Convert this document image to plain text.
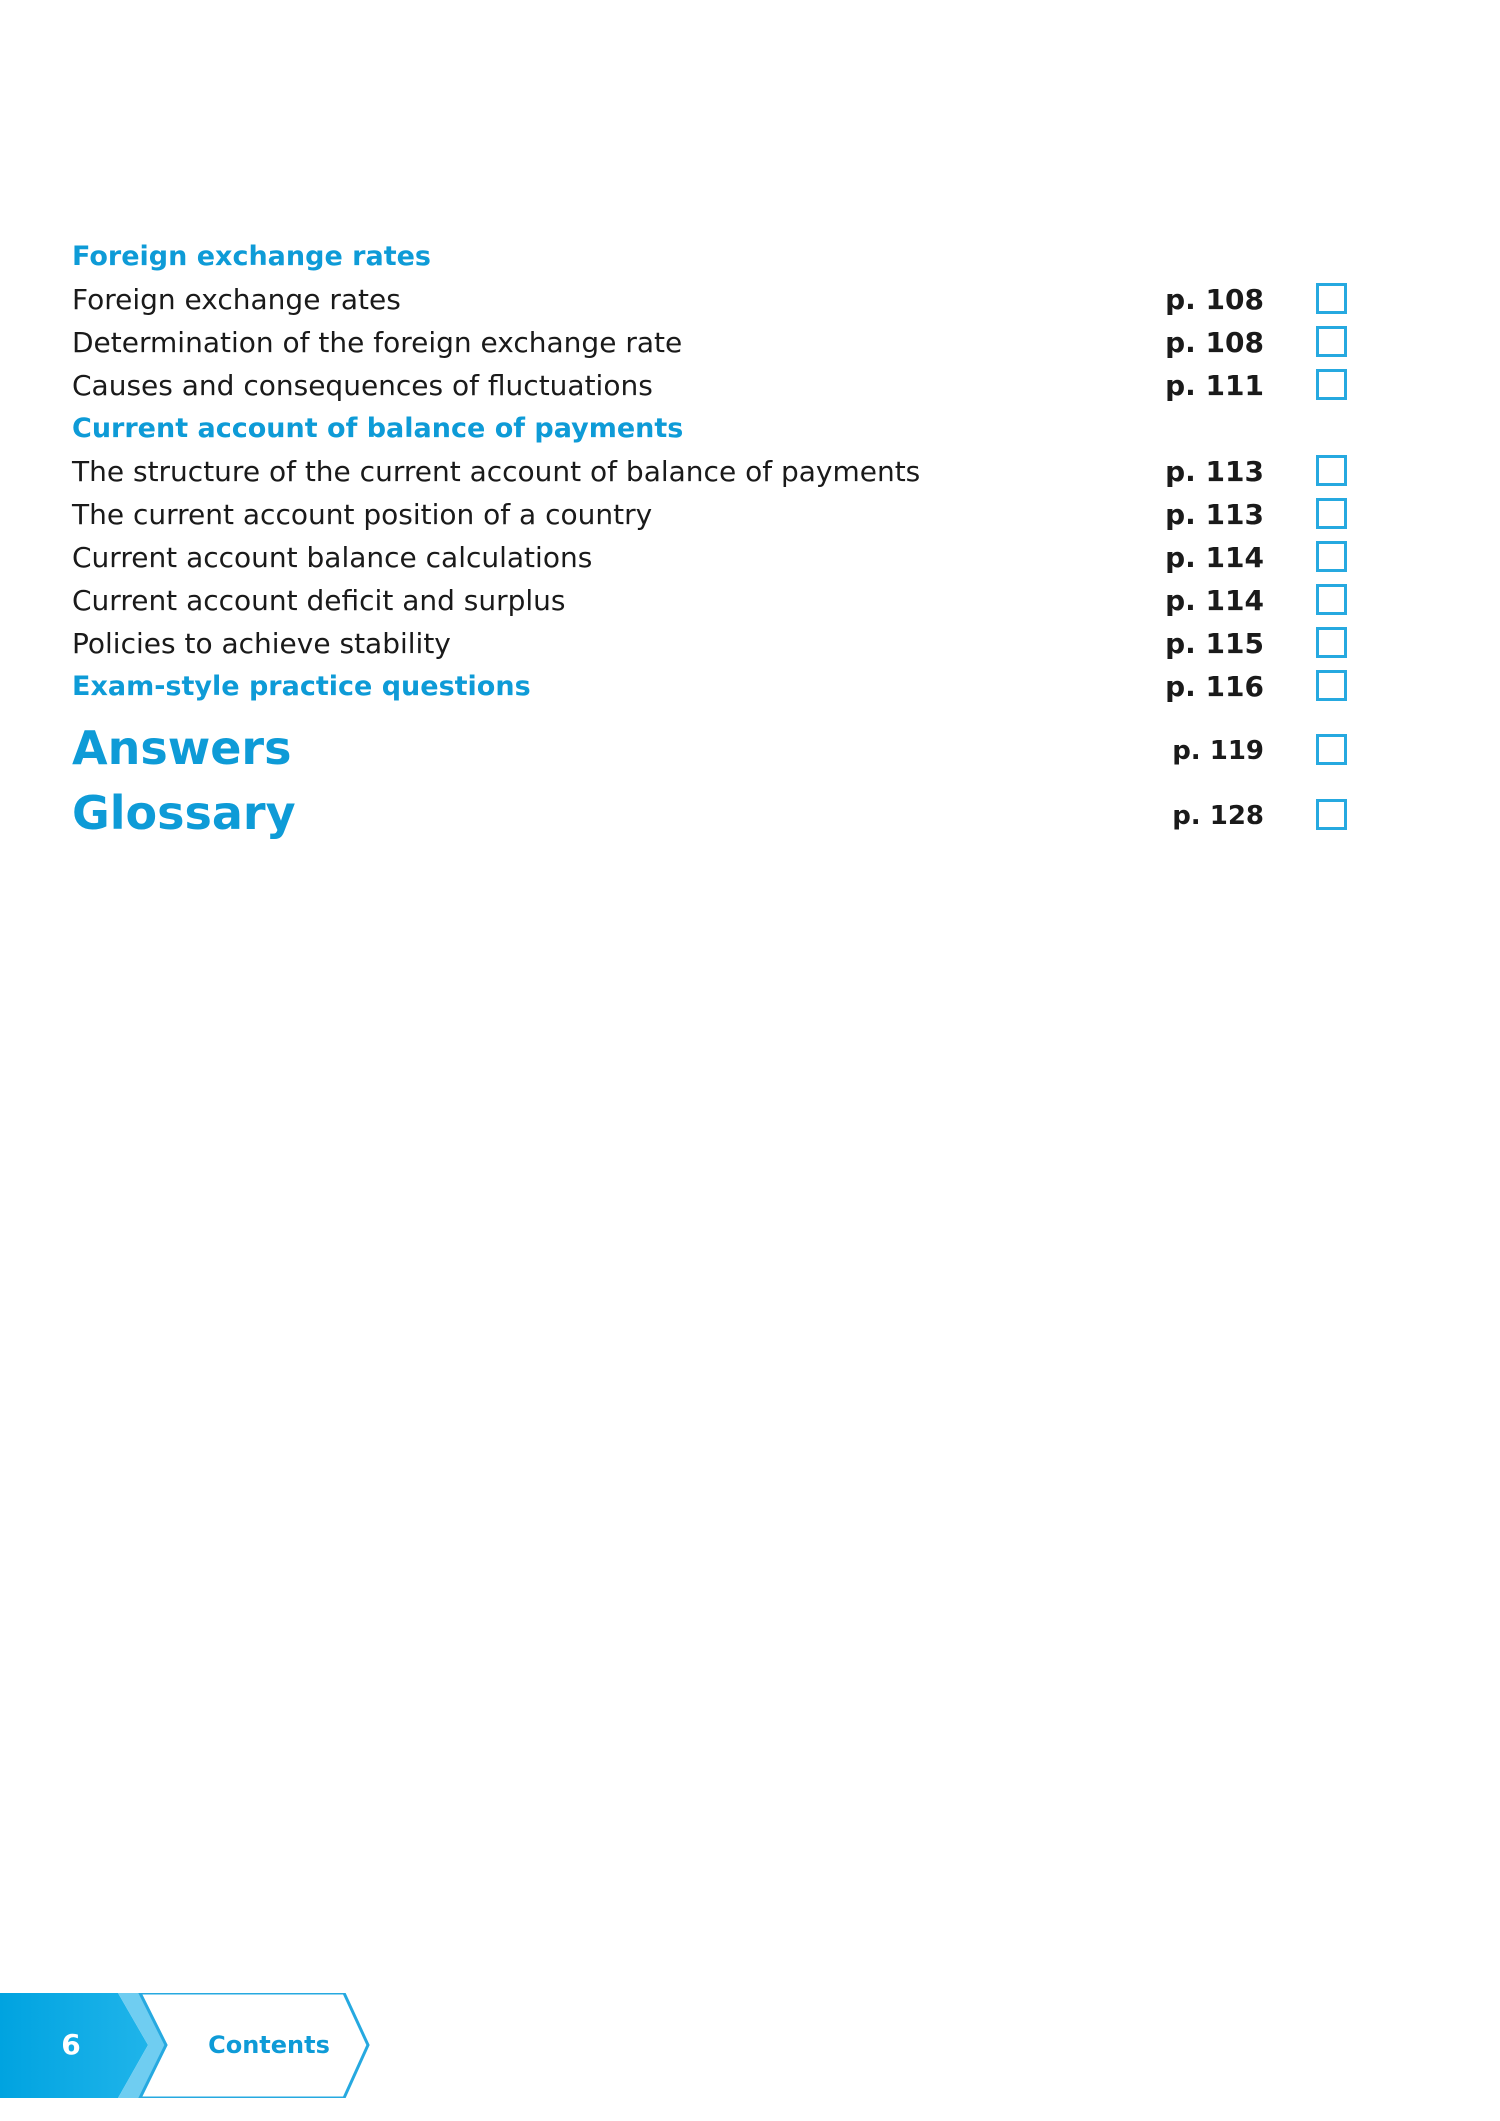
Foreign exchange rates
Foreign exchange rates	p. 108
Determination of the foreign exchange rate	p. 108
Causes and consequences of fluctuations	p. 111
Current account of balance of payments
The structure of the current account of balance of payments	p. 113
The current account position of a country	p. 113
Current account balance calculations	p. 114
Current account deficit and surplus	p. 114
Policies to achieve stability	p. 115
Exam-style practice questions	p. 116
Answers	p. 119
Glossary	p. 128
6	Contents
